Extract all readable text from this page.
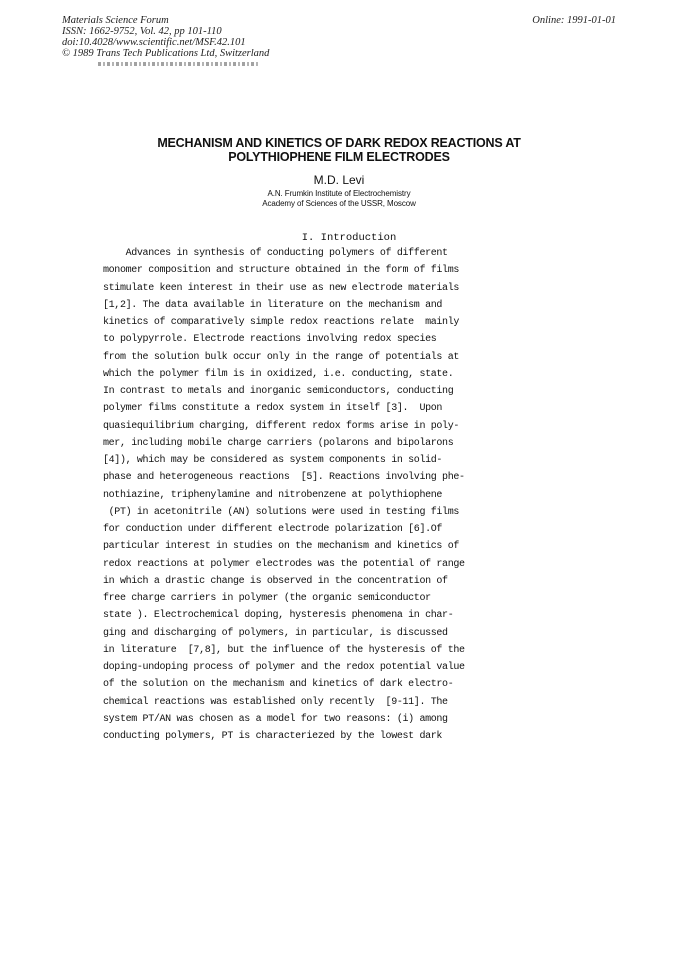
Materials Science Forum
ISSN: 1662-9752, Vol. 42, pp 101-110
doi:10.4028/www.scientific.net/MSF.42.101
© 1989 Trans Tech Publications Ltd, Switzerland
Online: 1991-01-01
MECHANISM AND KINETICS OF DARK REDOX REACTIONS AT
POLYTHIOPHENE FILM ELECTRODES
M.D. Levi
A.N. Frumkin Institute of Electrochemistry
Academy of Sciences of the USSR, Moscow
I. Introduction
Advances in synthesis of conducting polymers of different
monomer composition and structure obtained in the form of films
stimulate keen interest in their use as new electrode materials
[1,2]. The data available in literature on the mechanism and
kinetics of comparatively simple redox reactions relate  mainly
to polypyrrole. Electrode reactions involving redox species
from the solution bulk occur only in the range of potentials at
which the polymer film is in oxidized, i.e. conducting, state.
In contrast to metals and inorganic semiconductors, conducting
polymer films constitute a redox system in itself [3].  Upon
quasiequilibrium charging, different redox forms arise in poly-
mer, including mobile charge carriers (polarons and bipolarons
[4]), which may be considered as system components in solid-
phase and heterogeneous reactions  [5]. Reactions involving phe-
nothiazine, triphenylamine and nitrobenzene at polythiophene
(PT) in acetonitrile (AN) solutions were used in testing films
for conduction under different electrode polarization [6].Of
particular interest in studies on the mechanism and kinetics of
redox reactions at polymer electrodes was the potential of range
in which a drastic change is observed in the concentration of
free charge carriers in polymer (the organic semiconductor
state ). Electrochemical doping, hysteresis phenomena in char-
ging and discharging of polymers, in particular, is discussed
in literature  [7,8], but the influence of the hysteresis of the
doping-undoping process of polymer and the redox potential value
of the solution on the mechanism and kinetics of dark electro-
chemical reactions was established only recently  [9-11]. The
system PT/AN was chosen as a model for two reasons: (i) among
conducting polymers, PT is characteriezed by the lowest dark
